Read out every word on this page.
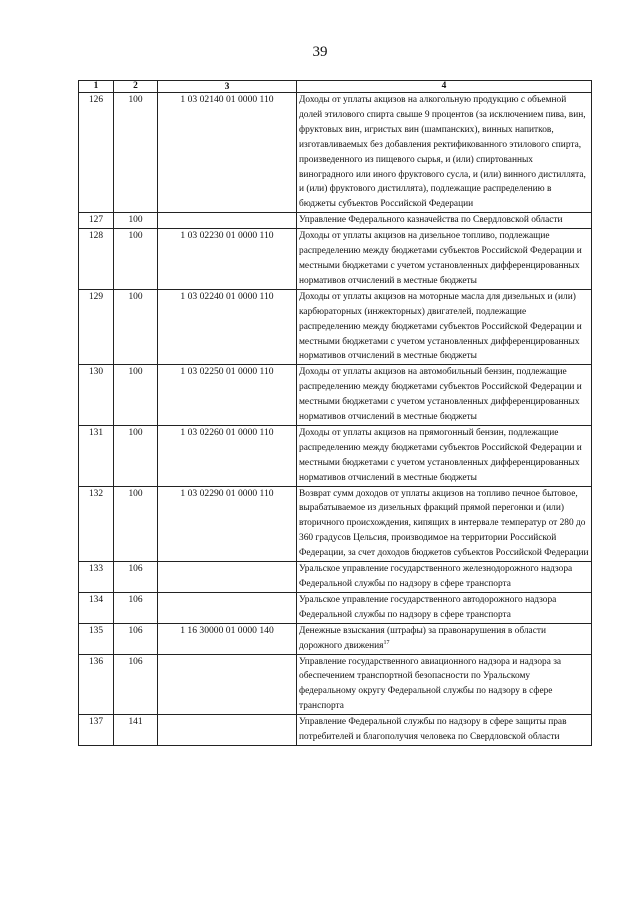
39
1	2	3	4
126	100	1 03 02140 01 0000 110	Доходы от уплаты акцизов на алкогольную продукцию с объемной долей этилового спирта свыше 9 процентов (за исключением пива, вин, фруктовых вин, игристых вин (шампанских), винных напитков, изготавливаемых без добавления ректификованного этилового спирта, произведенного из пищевого сырья, и (или) спиртованных виноградного или иного фруктового сусла, и (или) винного дистиллята, и (или) фруктового дистиллята), подлежащие распределению в бюджеты субъектов Российской Федерации
127	100		Управление Федерального казначейства по Свердловской области
128	100	1 03 02230 01 0000 110	Доходы от уплаты акцизов на дизельное топливо, подлежащие распределению между бюджетами субъектов Российской Федерации и местными бюджетами с учетом установленных дифференцированных нормативов отчислений в местные бюджеты
129	100	1 03 02240 01 0000 110	Доходы от уплаты акцизов на моторные масла для дизельных и (или) карбюраторных (инжекторных) двигателей, подлежащие распределению между бюджетами субъектов Российской Федерации и местными бюджетами с учетом установленных дифференцированных нормативов отчислений в местные бюджеты
130	100	1 03 02250 01 0000 110	Доходы от уплаты акцизов на автомобильный бензин, подлежащие распределению между бюджетами субъектов Российской Федерации и местными бюджетами с учетом установленных дифференцированных нормативов отчислений в местные бюджеты
131	100	1 03 02260 01 0000 110	Доходы от уплаты акцизов на прямогонный бензин, подлежащие распределению между бюджетами субъектов Российской Федерации и местными бюджетами с учетом установленных дифференцированных нормативов отчислений в местные бюджеты
132	100	1 03 02290 01 0000 110	Возврат сумм доходов от уплаты акцизов на топливо печное бытовое, вырабатываемое из дизельных фракций прямой перегонки и (или) вторичного происхождения, кипящих в интервале температур от 280 до 360 градусов Цельсия, производимое на территории Российской Федерации, за счет доходов бюджетов субъектов Российской Федерации
133	106		Уральское управление государственного железнодорожного надзора Федеральной службы по надзору в сфере транспорта
134	106		Уральское управление государственного автодорожного надзора Федеральной службы по надзору в сфере транспорта
135	106	1 16 30000 01 0000 140	Денежные взыскания (штрафы) за правонарушения в области дорожного движения$^{17}$
136	106		Управление государственного авиационного надзора и надзора за обеспечением транспортной безопасности по Уральскому федеральному округу Федеральной службы по надзору в сфере транспорта
137	141		Управление Федеральной службы по надзору в сфере защиты прав потребителей и благополучия человека по Свердловской области
